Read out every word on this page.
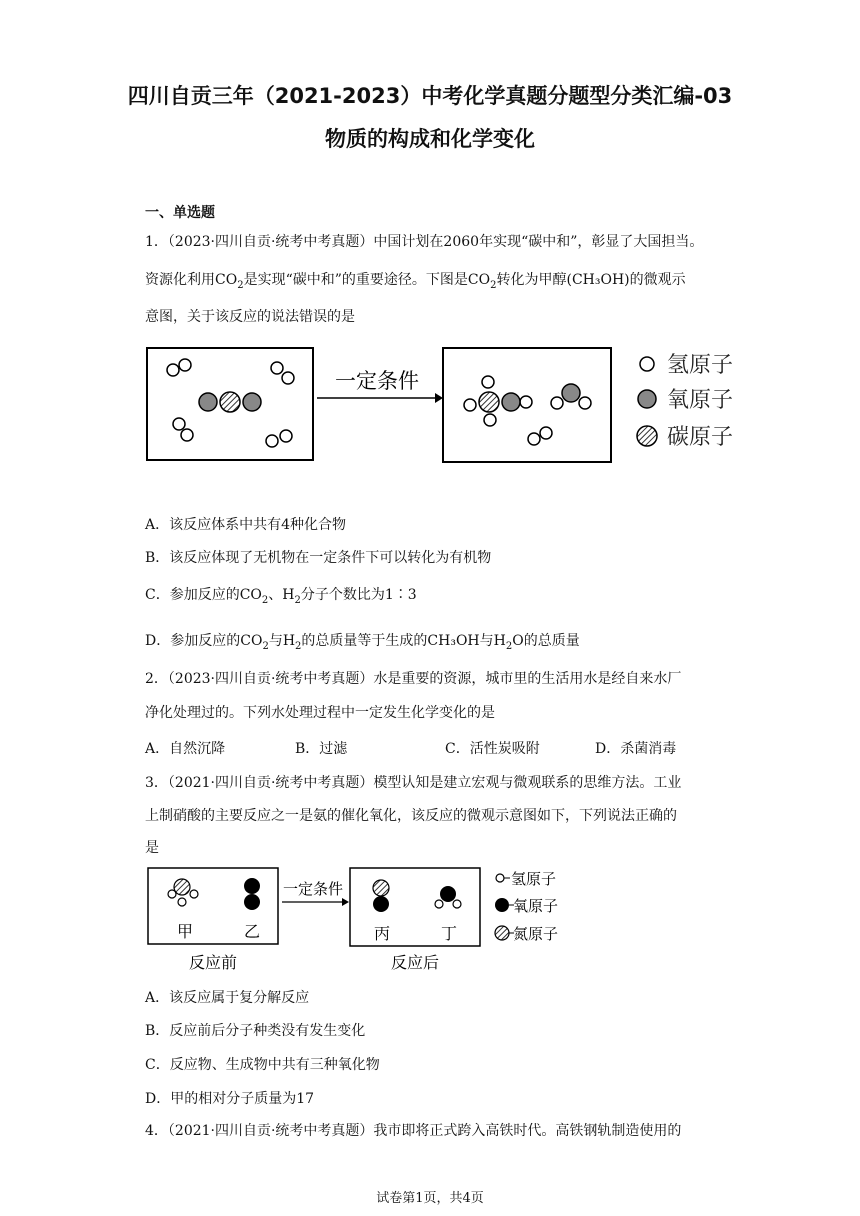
四川自贡三年（2021-2023）中考化学真题分题型分类汇编-03
物质的构成和化学变化
一、单选题
1．（2023·四川自贡·统考中考真题）中国计划在2060年实现“碳中和”，彰显了大国担当。
资源化利用$CO_2$是实现“碳中和”的重要途径。下图是$CO_2$转化为甲醇(CH₃OH)的微观示
意图，关于该反应的说法错误的是
一定条件
氢原子
氧原子
碳原子
A．该反应体系中共有4种化合物
B．该反应体现了无机物在一定条件下可以转化为有机物
C．参加反应的$CO_2$、$H_2$分子个数比为1∶3
D．参加反应的$CO_2$与$H_2$的总质量等于生成的CH₃OH与$H_2O$的总质量
2．（2023·四川自贡·统考中考真题）水是重要的资源，城市里的生活用水是经自来水厂
净化处理过的。下列水处理过程中一定发生化学变化的是
A．自然沉降	B．过滤	C．活性炭吸附	D．杀菌消毒
3．（2021·四川自贡·统考中考真题）模型认知是建立宏观与微观联系的思维方法。工业
上制硝酸的主要反应之一是氨的催化氧化，该反应的微观示意图如下，下列说法正确的
是
甲	乙
一定条件
丙	丁
反应前	反应后
氢原子
氧原子
氮原子
A．该反应属于复分解反应
B．反应前后分子种类没有发生变化
C．反应物、生成物中共有三种氧化物
D．甲的相对分子质量为17
4．（2021·四川自贡·统考中考真题）我市即将正式跨入高铁时代。高铁钢轨制造使用的
试卷第1页，共4页
